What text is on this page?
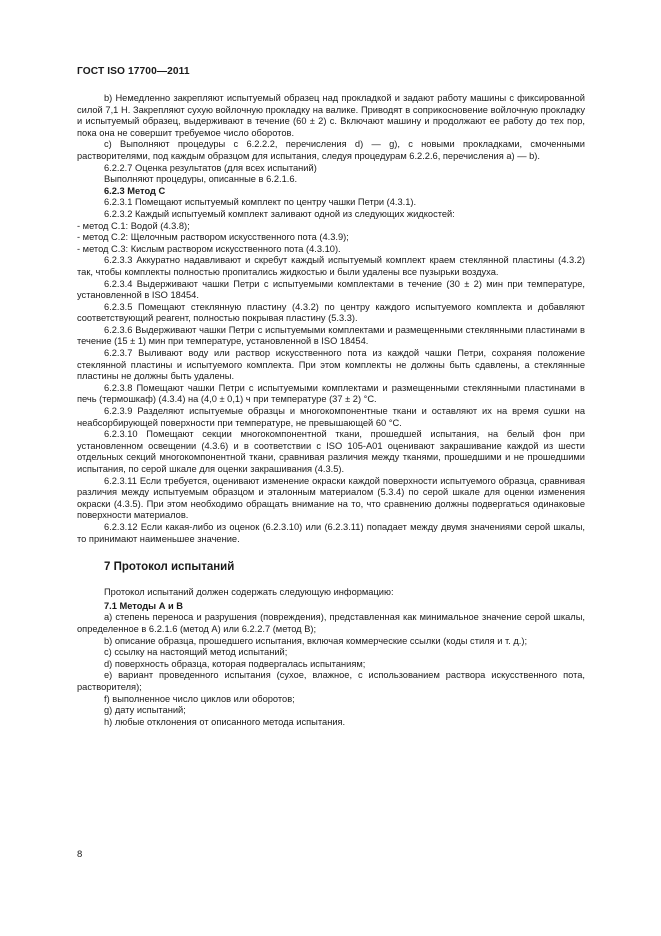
ГОСТ ISO 17700—2011

b) Немедленно закрепляют испытуемый образец над прокладкой и задают работу машины с фиксированной силой 7,1 Н. Закрепляют сухую войлочную прокладку на валике. Приводят в соприкосновение войлочную прокладку и испытуемый образец, выдерживают в течение (60 ± 2) с. Включают машину и продолжают ее работу до тех пор, пока она не совершит требуемое число оборотов.

c) Выполняют процедуры с 6.2.2.2, перечисления d) — g), с новыми прокладками, смоченными растворителями, под каждым образцом для испытания, следуя процедурам 6.2.2.6, перечисления a) — b).

6.2.2.7 Оценка результатов (для всех испытаний)

Выполняют процедуры, описанные в 6.2.1.6.

6.2.3 Метод С

6.2.3.1 Помещают испытуемый комплект по центру чашки Петри (4.3.1).

6.2.3.2 Каждый испытуемый комплект заливают одной из следующих жидкостей:

- метод C.1: Водой (4.3.8);

- метод C.2: Щелочным раствором искусственного пота (4.3.9);

- метод C.3: Кислым раствором искусственного пота (4.3.10).

6.2.3.3 Аккуратно надавливают и скребут каждый испытуемый комплект краем стеклянной пластины (4.3.2) так, чтобы комплекты полностью пропитались жидкостью и были удалены все пузырьки воздуха.

6.2.3.4 Выдерживают чашки Петри с испытуемыми комплектами в течение (30 ± 2) мин при температуре, установленной в ISO 18454.

6.2.3.5 Помещают стеклянную пластину (4.3.2) по центру каждого испытуемого комплекта и добавляют соответствующий реагент, полностью покрывая пластину (5.3.3).

6.2.3.6 Выдерживают чашки Петри с испытуемыми комплектами и размещенными стеклянными пластинами в течение (15 ± 1) мин при температуре, установленной в ISO 18454.

6.2.3.7 Выливают воду или раствор искусственного пота из каждой чашки Петри, сохраняя положение стеклянной пластины и испытуемого комплекта. При этом комплекты не должны быть сдавлены, а стеклянные пластины не должны быть удалены.

6.2.3.8 Помещают чашки Петри с испытуемыми комплектами и размещенными стеклянными пластинами в печь (термошкаф) (4.3.4) на (4,0 ± 0,1) ч при температуре (37 ± 2) °С.

6.2.3.9 Разделяют испытуемые образцы и многокомпонентные ткани и оставляют их на время сушки на неабсорбирующей поверхности при температуре, не превышающей 60 °С.

6.2.3.10 Помещают секции многокомпонентной ткани, прошедшей испытания, на белый фон при установленном освещении (4.3.6) и в соответствии с ISO 105-A01 оценивают закрашивание каждой из шести отдельных секций многокомпонентной ткани, сравнивая различия между тканями, прошедшими и не прошедшими испытания, по серой шкале для оценки закрашивания (4.3.5).

6.2.3.11 Если требуется, оценивают изменение окраски каждой поверхности испытуемого образца, сравнивая различия между испытуемым образцом и эталонным материалом (5.3.4) по серой шкале для оценки изменения окраски (4.3.5). При этом необходимо обращать внимание на то, что сравнению должны подвергаться одинаковые поверхности материалов.

6.2.3.12 Если какая-либо из оценок (6.2.3.10) или (6.2.3.11) попадает между двумя значениями серой шкалы, то принимают наименьшее значение.

7 Протокол испытаний

Протокол испытаний должен содержать следующую информацию:

7.1 Методы А и В

a) степень переноса и разрушения (повреждения), представленная как минимальное значение серой шкалы, определенное в 6.2.1.6 (метод А) или 6.2.2.7 (метод В);

b) описание образца, прошедшего испытания, включая коммерческие ссылки (коды стиля и т. д.);

c) ссылку на настоящий метод испытаний;

d) поверхность образца, которая подвергалась испытаниям;

e) вариант проведенного испытания (сухое, влажное, с использованием раствора искусственного пота, растворителя);

f) выполненное число циклов или оборотов;

g) дату испытаний;

h) любые отклонения от описанного метода испытания.

8
